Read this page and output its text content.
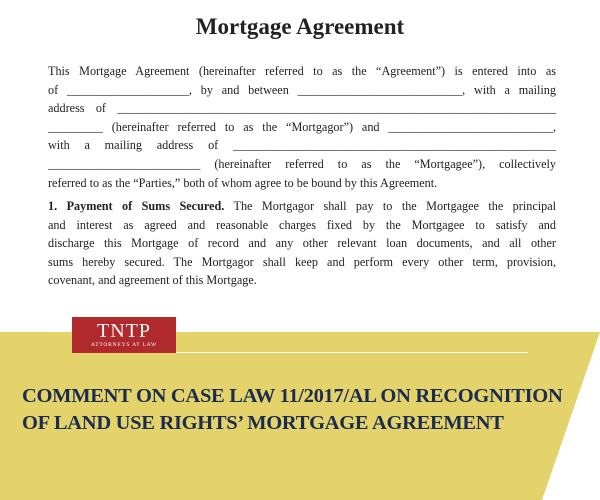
Mortgage Agreement
This Mortgage Agreement (hereinafter referred to as the “Agreement”) is entered into as
of ____________________, by and between ___________________________, with a mailing
address of ________________________________________________________________________
_________ (hereinafter referred to as the “Mortgagor”) and ___________________________,
with a mailing address of _____________________________________________________
_________________________ (hereinafter referred to as the “Mortgagee”), collectively
referred to as the “Parties,” both of whom agree to be bound by this Agreement.
1. Payment of Sums Secured. The Mortgagor shall pay to the Mortgagee the principal
and interest as agreed and reasonable charges fixed by the Mortgagee to satisfy and
discharge this Mortgage of record and any other relevant loan documents, and all other
sums hereby secured. The Mortgagor shall keep and perform every other term, provision,
covenant, and agreement of this Mortgage.
TNTP
ATTORNEYS AT LAW
COMMENT ON CASE LAW 11/2017/AL ON RECOGNITION
OF LAND USE RIGHTS’ MORTGAGE AGREEMENT
